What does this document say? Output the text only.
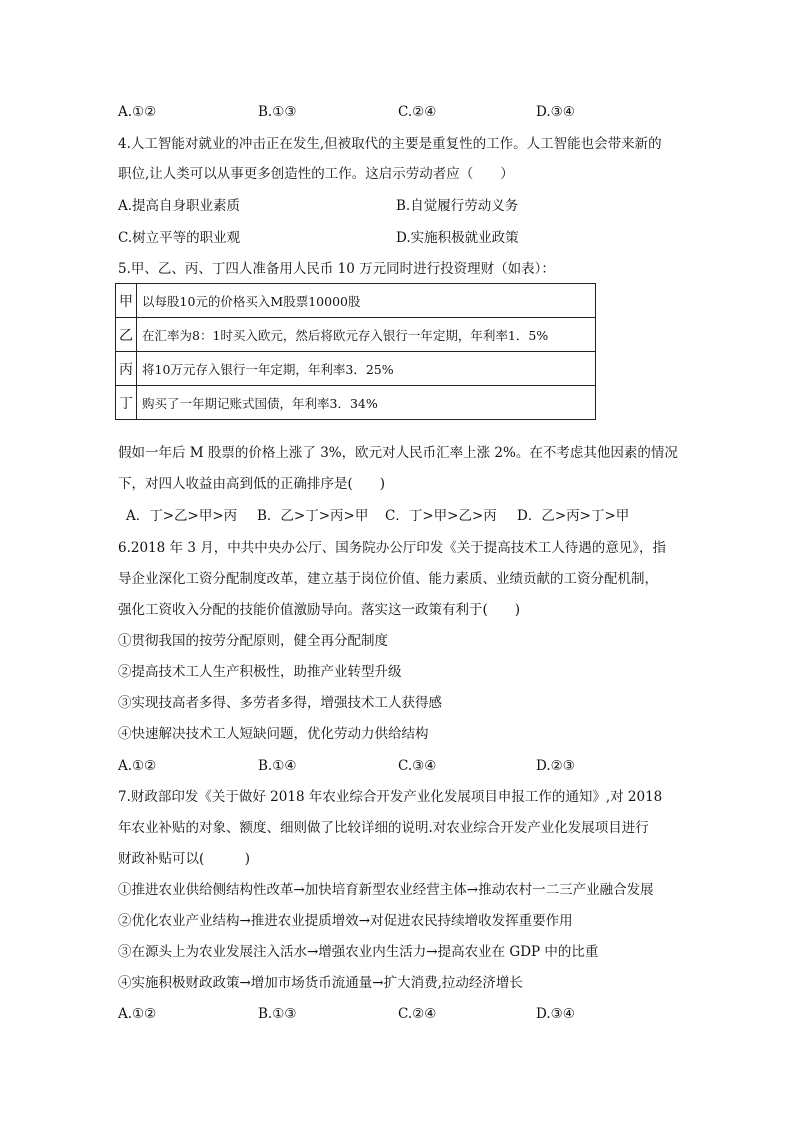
A.①②	B.①③	C.②④	D.③④
4.人工智能对就业的冲击正在发生,但被取代的主要是重复性的工作。人工智能也会带来新的
职位,让人类可以从事更多创造性的工作。这启示劳动者应（　　）
A.提高自身职业素质	B.自觉履行劳动义务
C.树立平等的职业观	D.实施积极就业政策
5.甲、乙、丙、丁四人准备用人民币 10 万元同时进行投资理财（如表）：
甲	以每股10元的价格买入M股票10000股
乙	在汇率为8：1时买入欧元，然后将欧元存入银行一年定期，年利率1．5%
丙	将10万元存入银行一年定期，年利率3．25%
丁	购买了一年期记账式国债，年利率3．34%
假如一年后 M 股票的价格上涨了 3%，欧元对人民币汇率上涨 2%。在不考虑其他因素的情况
下，对四人收益由高到低的正确排序是(　　)
A．丁>乙>甲>丙 B．乙>丁>丙>甲 C．丁>甲>乙>丙 D．乙>丙>丁>甲
6.2018 年 3 月，中共中央办公厅、国务院办公厅印发《关于提高技术工人待遇的意见》，指
导企业深化工资分配制度改革，建立基于岗位价值、能力素质、业绩贡献的工资分配机制，
强化工资收入分配的技能价值激励导向。落实这一政策有利于(　　)
①贯彻我国的按劳分配原则，健全再分配制度
②提高技术工人生产积极性，助推产业转型升级
③实现技高者多得、多劳者多得，增强技术工人获得感
④快速解决技术工人短缺问题，优化劳动力供给结构
A.①②	B.①④	C.③④	D.②③
7.财政部印发《关于做好 2018 年农业综合开发产业化发展项目申报工作的通知》,对 2018
年农业补贴的对象、额度、细则做了比较详细的说明.对农业综合开发产业化发展项目进行
财政补贴可以(　　　)
①推进农业供给侧结构性改革→加快培育新型农业经营主体→推动农村一二三产业融合发展
②优化农业产业结构→推进农业提质增效→对促进农民持续增收发挥重要作用
③在源头上为农业发展注入活水→增强农业内生活力→提高农业在 GDP 中的比重
④实施积极财政政策→增加市场货币流通量→扩大消费,拉动经济增长
A.①②	B.①③	C.②④	D.③④
